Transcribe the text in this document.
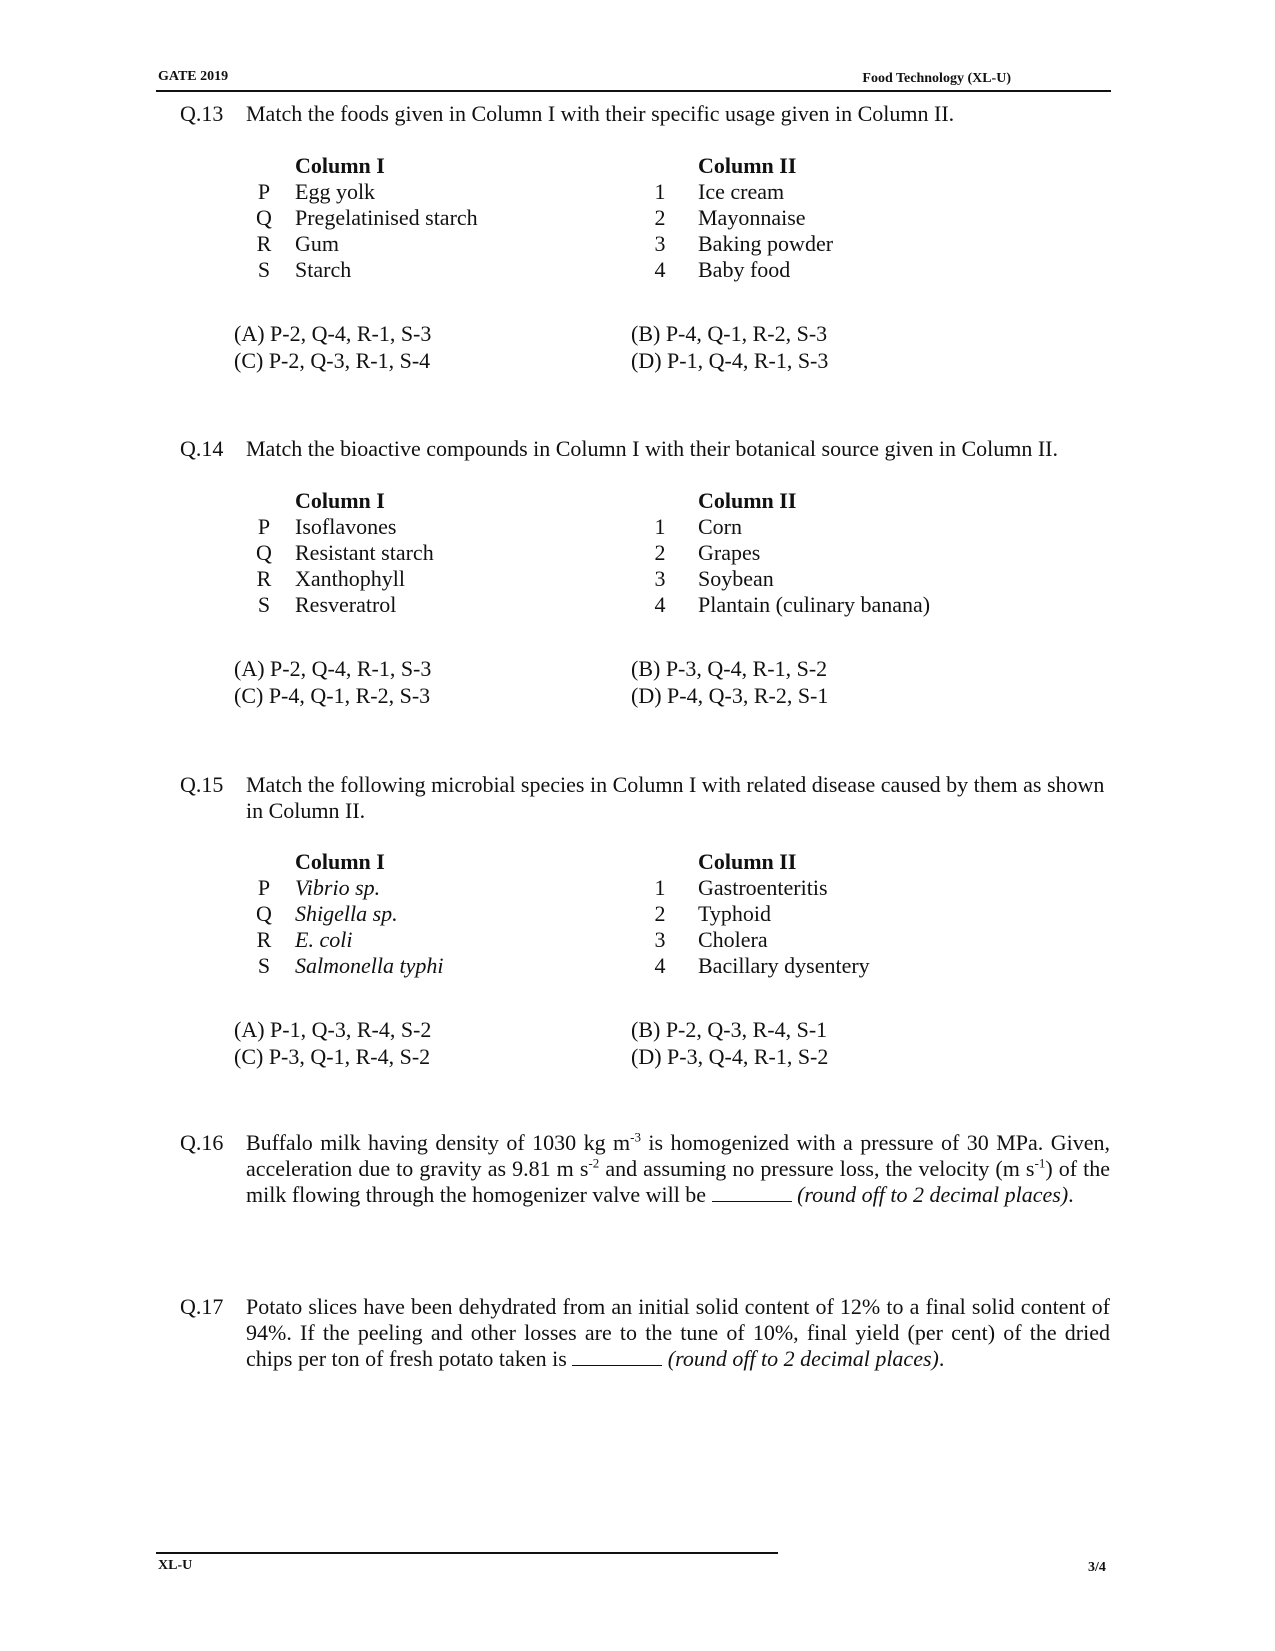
GATE 2019	Food Technology (XL-U)
Q.13 Match the foods given in Column I with their specific usage given in Column II.
Column I	Column II
P Egg yolk	1 Ice cream
Q Pregelatinised starch	2 Mayonnaise
R Gum	3 Baking powder
S Starch	4 Baby food
(A) P-2, Q-4, R-1, S-3	(B) P-4, Q-1, R-2, S-3
(C) P-2, Q-3, R-1, S-4	(D) P-1, Q-4, R-1, S-3
Q.14 Match the bioactive compounds in Column I with their botanical source given in Column II.
Column I	Column II
P Isoflavones	1 Corn
Q Resistant starch	2 Grapes
R Xanthophyll	3 Soybean
S Resveratrol	4 Plantain (culinary banana)
(A) P-2, Q-4, R-1, S-3	(B) P-3, Q-4, R-1, S-2
(C) P-4, Q-1, R-2, S-3	(D) P-4, Q-3, R-2, S-1
Q.15 Match the following microbial species in Column I with related disease caused by them as shown in Column II.
Column I	Column II
P Vibrio sp.	1 Gastroenteritis
Q Shigella sp.	2 Typhoid
R E. coli	3 Cholera
S Salmonella typhi	4 Bacillary dysentery
(A) P-1, Q-3, R-4, S-2	(B) P-2, Q-3, R-4, S-1
(C) P-3, Q-1, R-4, S-2	(D) P-3, Q-4, R-1, S-2
Q.16 Buffalo milk having density of 1030 kg $m^{-3}$ is homogenized with a pressure of 30 MPa. Given, acceleration due to gravity as 9.81 m $s^{-2}$ and assuming no pressure loss, the velocity (m $s^{-1}$) of the milk flowing through the homogenizer valve will be	(round off to 2 decimal places).
Q.17 Potato slices have been dehydrated from an initial solid content of 12% to a final solid content of 94%. If the peeling and other losses are to the tune of 10%, final yield (per cent) of the dried chips per ton of fresh potato taken is	(round off to 2 decimal places).
XL-U	3/4
